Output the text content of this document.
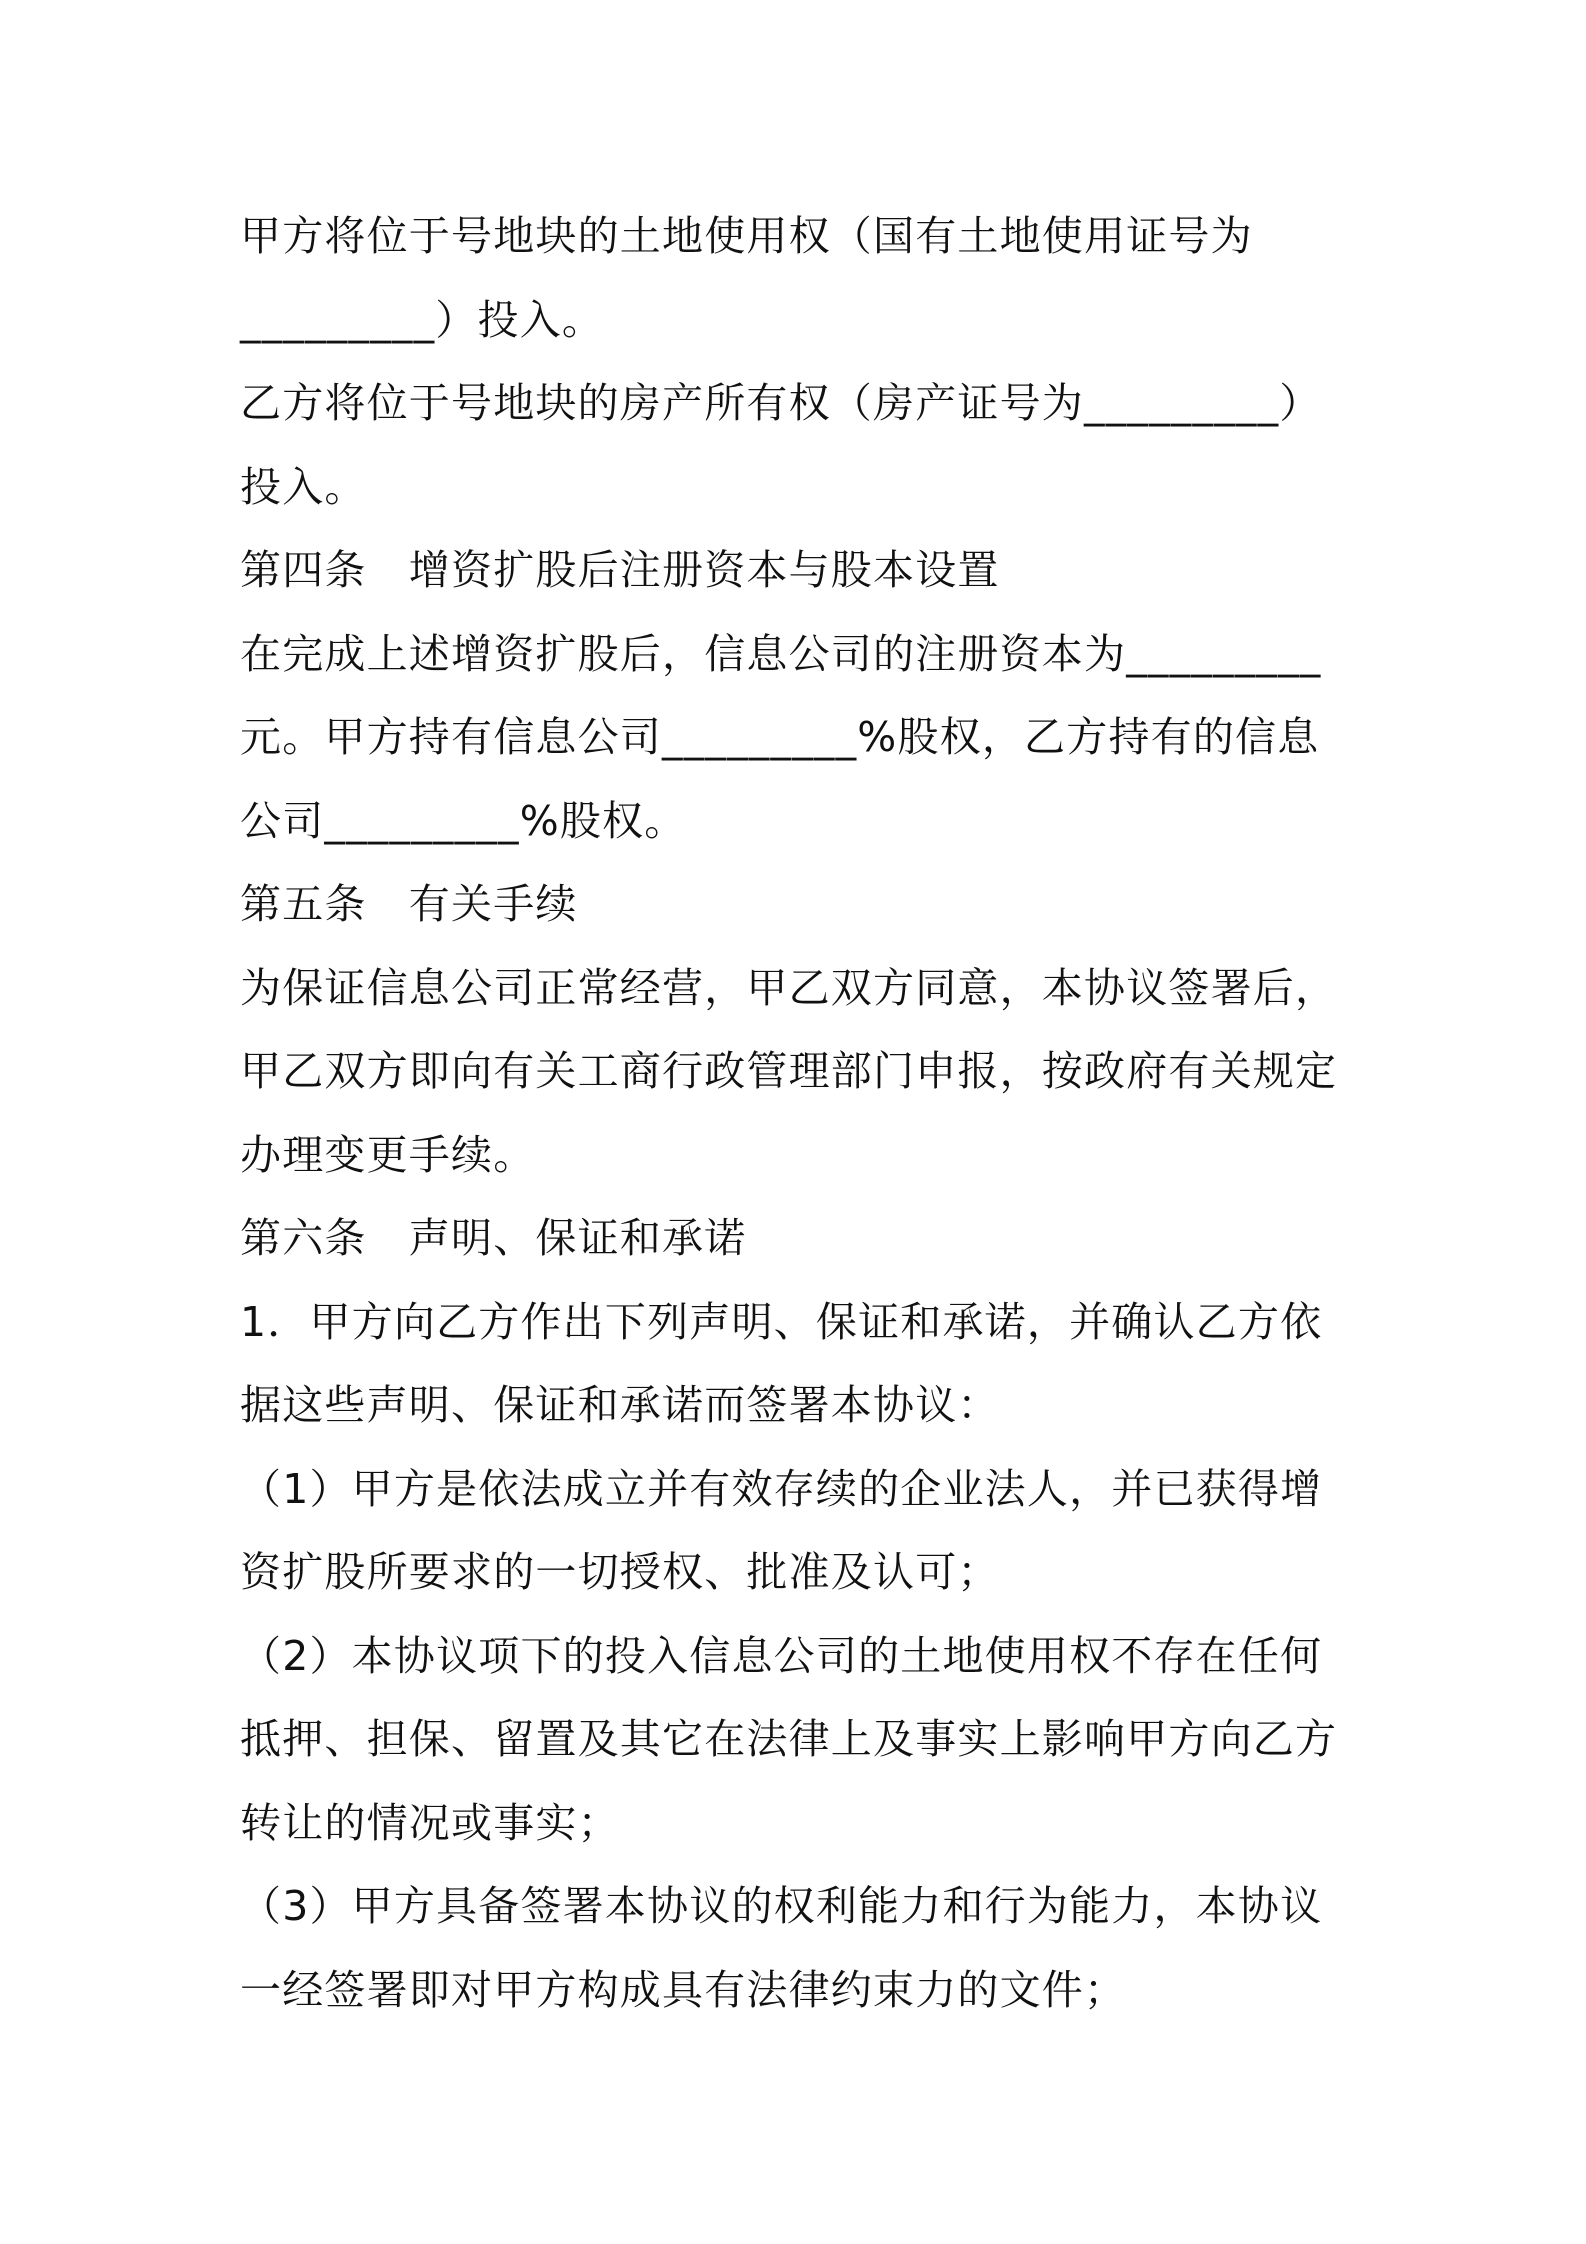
甲方将位于号地块的土地使用权（国有土地使用证号为
_________）投入。
乙方将位于号地块的房产所有权（房产证号为_________）
投入。
第四条　增资扩股后注册资本与股本设置
在完成上述增资扩股后，信息公司的注册资本为_________
元。甲方持有信息公司_________%股权，乙方持有的信息
公司_________%股权。
第五条　有关手续
为保证信息公司正常经营，甲乙双方同意，本协议签署后，
甲乙双方即向有关工商行政管理部门申报，按政府有关规定
办理变更手续。
第六条　声明、保证和承诺
1．甲方向乙方作出下列声明、保证和承诺，并确认乙方依
据这些声明、保证和承诺而签署本协议：
（1）甲方是依法成立并有效存续的企业法人，并已获得增
资扩股所要求的一切授权、批准及认可；
（2）本协议项下的投入信息公司的土地使用权不存在任何
抵押、担保、留置及其它在法律上及事实上影响甲方向乙方
转让的情况或事实；
（3）甲方具备签署本协议的权利能力和行为能力，本协议
一经签署即对甲方构成具有法律约束力的文件；
